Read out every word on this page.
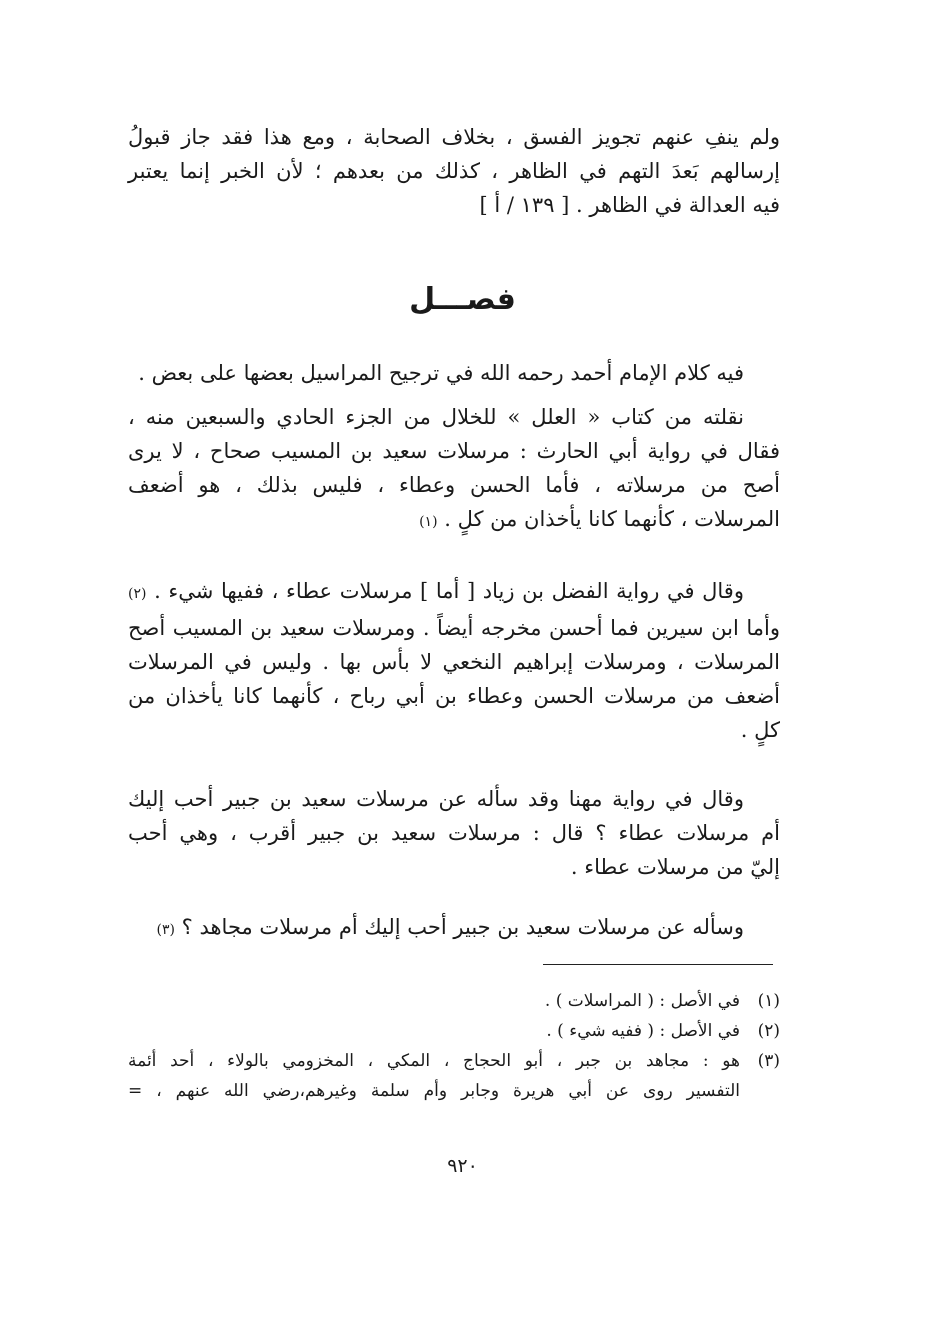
ولم ينفِ عنهم تجويز الفسق ، بخلاف الصحابة ، ومع هذا فقد جاز قبولُ
إرسالهم بَعدَ التهم في الظاهر ، كذلك من بعدهم ؛ لأن الخبر إنما يعتبر
فيه العدالة في الظاهر . [ ١٣٩ / أ ]
فصـــل
فيه كلام الإمام أحمد رحمه الله في ترجيح المراسيل بعضها على بعض .
نقلته من كتاب « العلل » للخلال من الجزء الحادي والسبعين منه ،
فقال في رواية أبي الحارث : مرسلات سعيد بن المسيب صحاح ، لا يرى
أصح من مرسلاته ، فأما الحسن وعطاء ، فليس بذلك ، هو أضعف
المرسلات ، كأنهما كانا يأخذان من كلٍ . (١)
وقال في رواية الفضل بن زياد [ أما ] مرسلات عطاء ، ففيها شيء . (٢)
وأما ابن سيرين فما أحسن مخرجه أيضاً . ومرسلات سعيد بن المسيب أصح
المرسلات ، ومرسلات إبراهيم النخعي لا بأس بها . وليس في المرسلات
أضعف من مرسلات الحسن وعطاء بن أبي رباح ، كأنهما كانا يأخذان من
كلٍ .
وقال في رواية مهنا وقد سأله عن مرسلات سعيد بن جبير أحب إليك
أم مرسلات عطاء ؟ قال : مرسلات سعيد بن جبير أقرب ، وهي أحب
إليّ من مرسلات عطاء .
وسأله عن مرسلات سعيد بن جبير أحب إليك أم مرسلات مجاهد ؟ (٣)
(١)
في الأصل : ( المراسلات ) .
(٢)
في الأصل : ( ففيه شيء ) .
(٣)
هو : مجاهد بن جبر ، أبو الحجاج ، المكي ، المخزومي بالولاء ، أحد أئمة
التفسير روى عن أبي هريرة وجابر وأم سلمة وغيرهم،رضي الله عنهم ، =
٩٢٠
